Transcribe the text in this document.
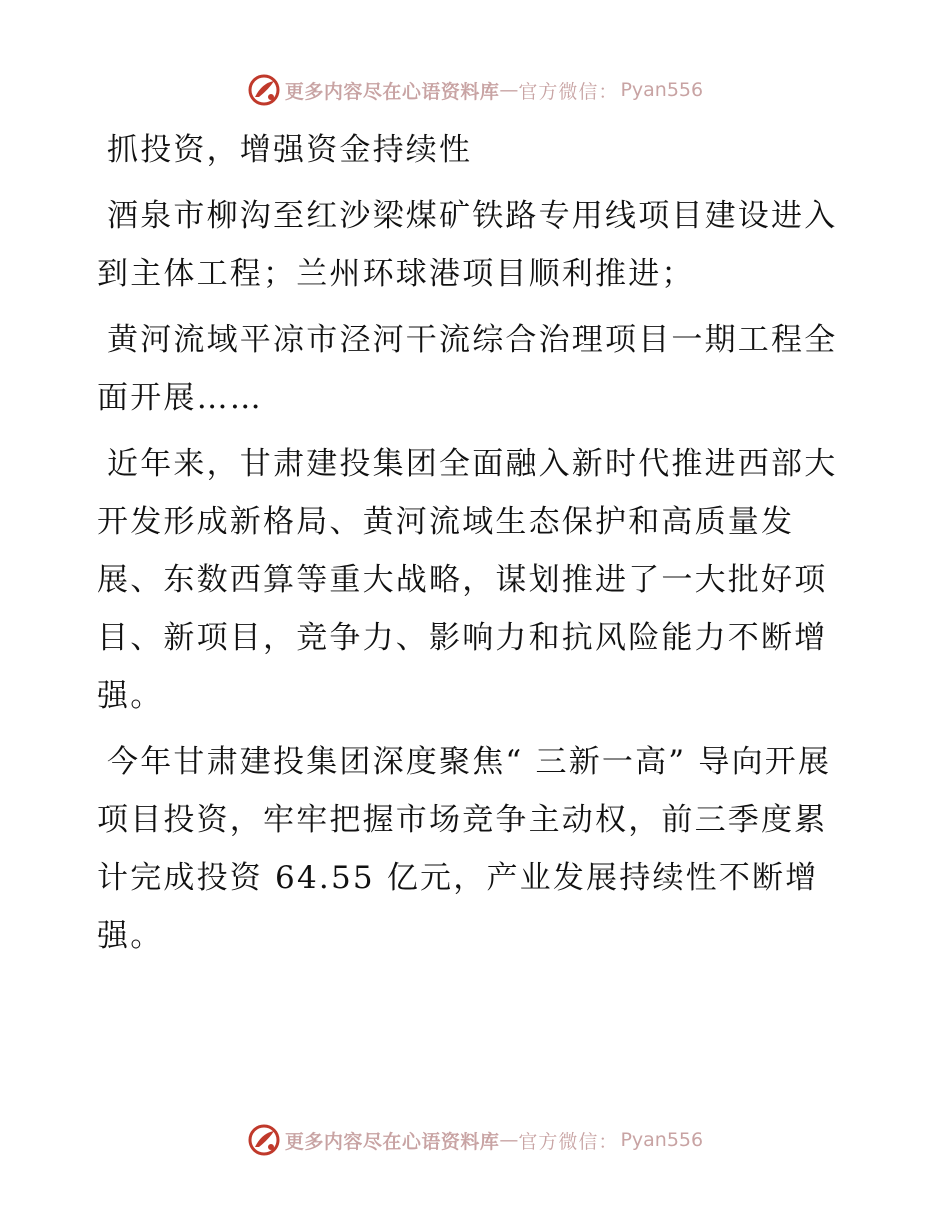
更多内容尽在心语资料库 — 官方微信： Pyan556

抓投资，增强资金持续性

酒泉市柳沟至红沙梁煤矿铁路专用线项目建设进入到主体工程；兰州环球港项目顺利推进；

黄河流域平凉市泾河干流综合治理项目一期工程全面开展……

近年来，甘肃建投集团全面融入新时代推进西部大开发形成新格局、黄河流域生态保护和高质量发展、东数西算等重大战略，谋划推进了一大批好项目、新项目，竞争力、影响力和抗风险能力不断增强。

今年甘肃建投集团深度聚焦“ 三新一高” 导向开展项目投资，牢牢把握市场竞争主动权，前三季度累计完成投资 64.55 亿元，产业发展持续性不断增强。

更多内容尽在心语资料库 — 官方微信： Pyan556
